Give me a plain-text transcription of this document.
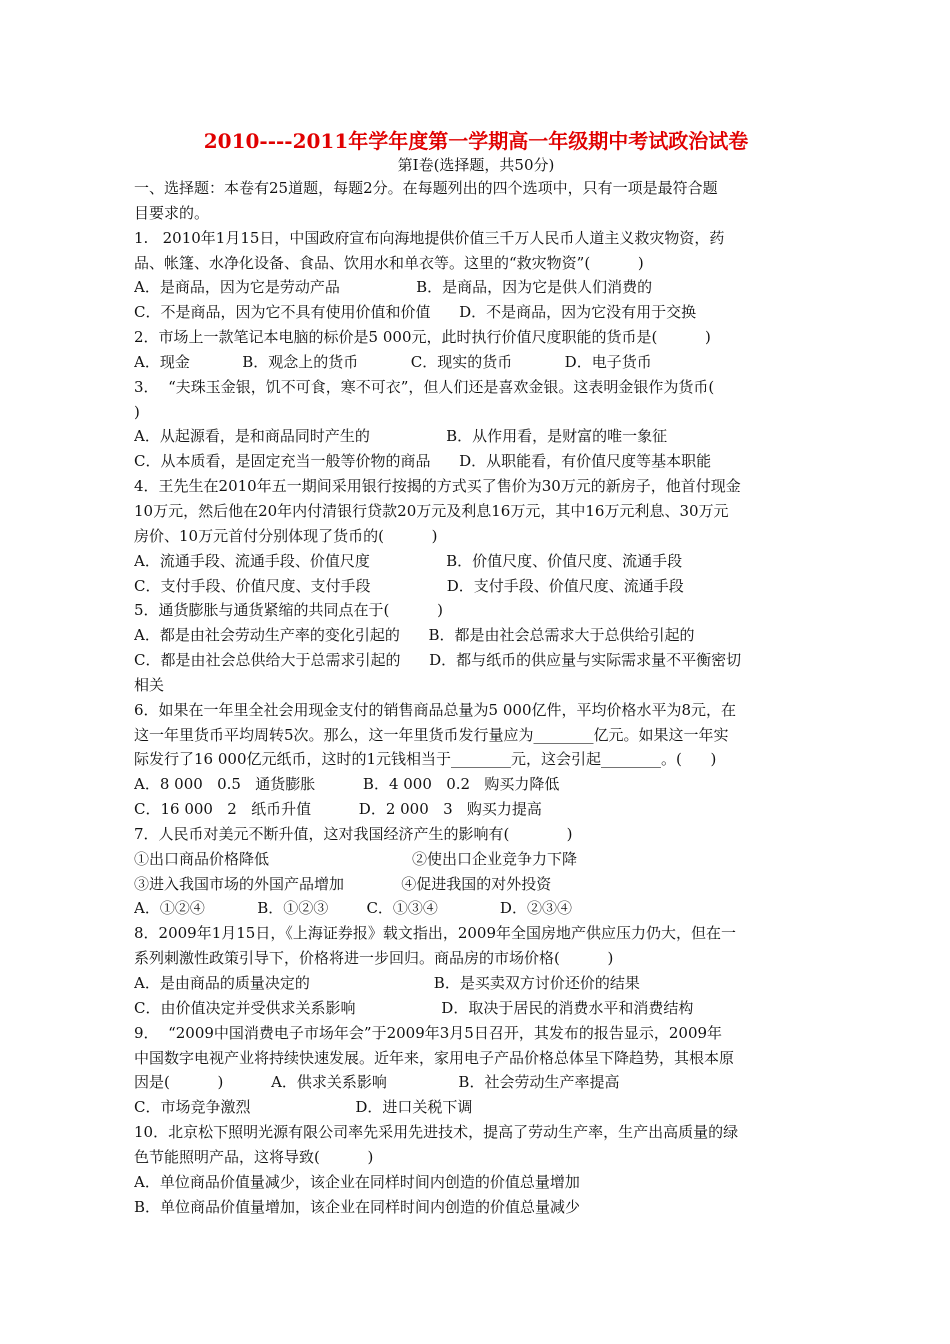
2010----2011年学年度第一学期高一年级期中考试政治试卷
第Ⅰ卷(选择题，共50分)
一、选择题：本卷有25道题，每题2分。在每题列出的四个选项中，只有一项是最符合题
目要求的。
1.   2010年1月15日，中国政府宣布向海地提供价值三千万人民币人道主义救灾物资，药
品、帐篷、水净化设备、食品、饮用水和单衣等。这里的“救灾物资”(          )
A．是商品，因为它是劳动产品                B．是商品，因为它是供人们消费的
C．不是商品，因为它不具有使用价值和价值      D．不是商品，因为它没有用于交换
2．市场上一款笔记本电脑的标价是5 000元，此时执行价值尺度职能的货币是(          )
A．现金           B．观念上的货币           C．现实的货币           D．电子货币
3．  “夫珠玉金银，饥不可食，寒不可衣”，但人们还是喜欢金银。这表明金银作为货币(
)
A．从起源看，是和商品同时产生的                B．从作用看，是财富的唯一象征
C．从本质看，是固定充当一般等价物的商品      D．从职能看，有价值尺度等基本职能
4．王先生在2010年五一期间采用银行按揭的方式买了售价为30万元的新房子，他首付现金
10万元，然后他在20年内付清银行贷款20万元及利息16万元，其中16万元利息、30万元
房价、10万元首付分别体现了货币的(          )
A．流通手段、流通手段、价值尺度                B．价值尺度、价值尺度、流通手段
C．支付手段、价值尺度、支付手段                D．支付手段、价值尺度、流通手段
5．通货膨胀与通货紧缩的共同点在于(          )
A．都是由社会劳动生产率的变化引起的      B．都是由社会总需求大于总供给引起的
C．都是由社会总供给大于总需求引起的      D．都与纸币的供应量与实际需求量不平衡密切
相关
6．如果在一年里全社会用现金支付的销售商品总量为5 000亿件，平均价格水平为8元，在
这一年里货币平均周转5次。那么，这一年里货币发行量应为________亿元。如果这一年实
际发行了16 000亿元纸币，这时的1元钱相当于________元，这会引起________。(      )
A．8 000   0.5   通货膨胀          B．4 000   0.2   购买力降低
C．16 000   2   纸币升值          D．2 000   3   购买力提高
7．人民币对美元不断升值，这对我国经济产生的影响有(            )
①出口商品价格降低                              ②使出口企业竞争力下降
③进入我国市场的外国产品增加            ④促进我国的对外投资
A．①②④           B．①②③        C．①③④             D．②③④
8．2009年1月15日，《上海证券报》载文指出，2009年全国房地产供应压力仍大，但在一
系列刺激性政策引导下，价格将进一步回归。商品房的市场价格(          )
A．是由商品的质量决定的                          B．是买卖双方讨价还价的结果
C．由价值决定并受供求关系影响                  D．取决于居民的消费水平和消费结构
9．  “2009中国消费电子市场年会”于2009年3月5日召开，其发布的报告显示，2009年
中国数字电视产业将持续快速发展。近年来，家用电子产品价格总体呈下降趋势，其根本原
因是(          )          A．供求关系影响               B．社会劳动生产率提高
C．市场竞争激烈                      D．进口关税下调
10．北京松下照明光源有限公司率先采用先进技术，提高了劳动生产率，生产出高质量的绿
色节能照明产品，这将导致(          )
A．单位商品价值量减少，该企业在同样时间内创造的价值总量增加
B．单位商品价值量增加，该企业在同样时间内创造的价值总量减少
